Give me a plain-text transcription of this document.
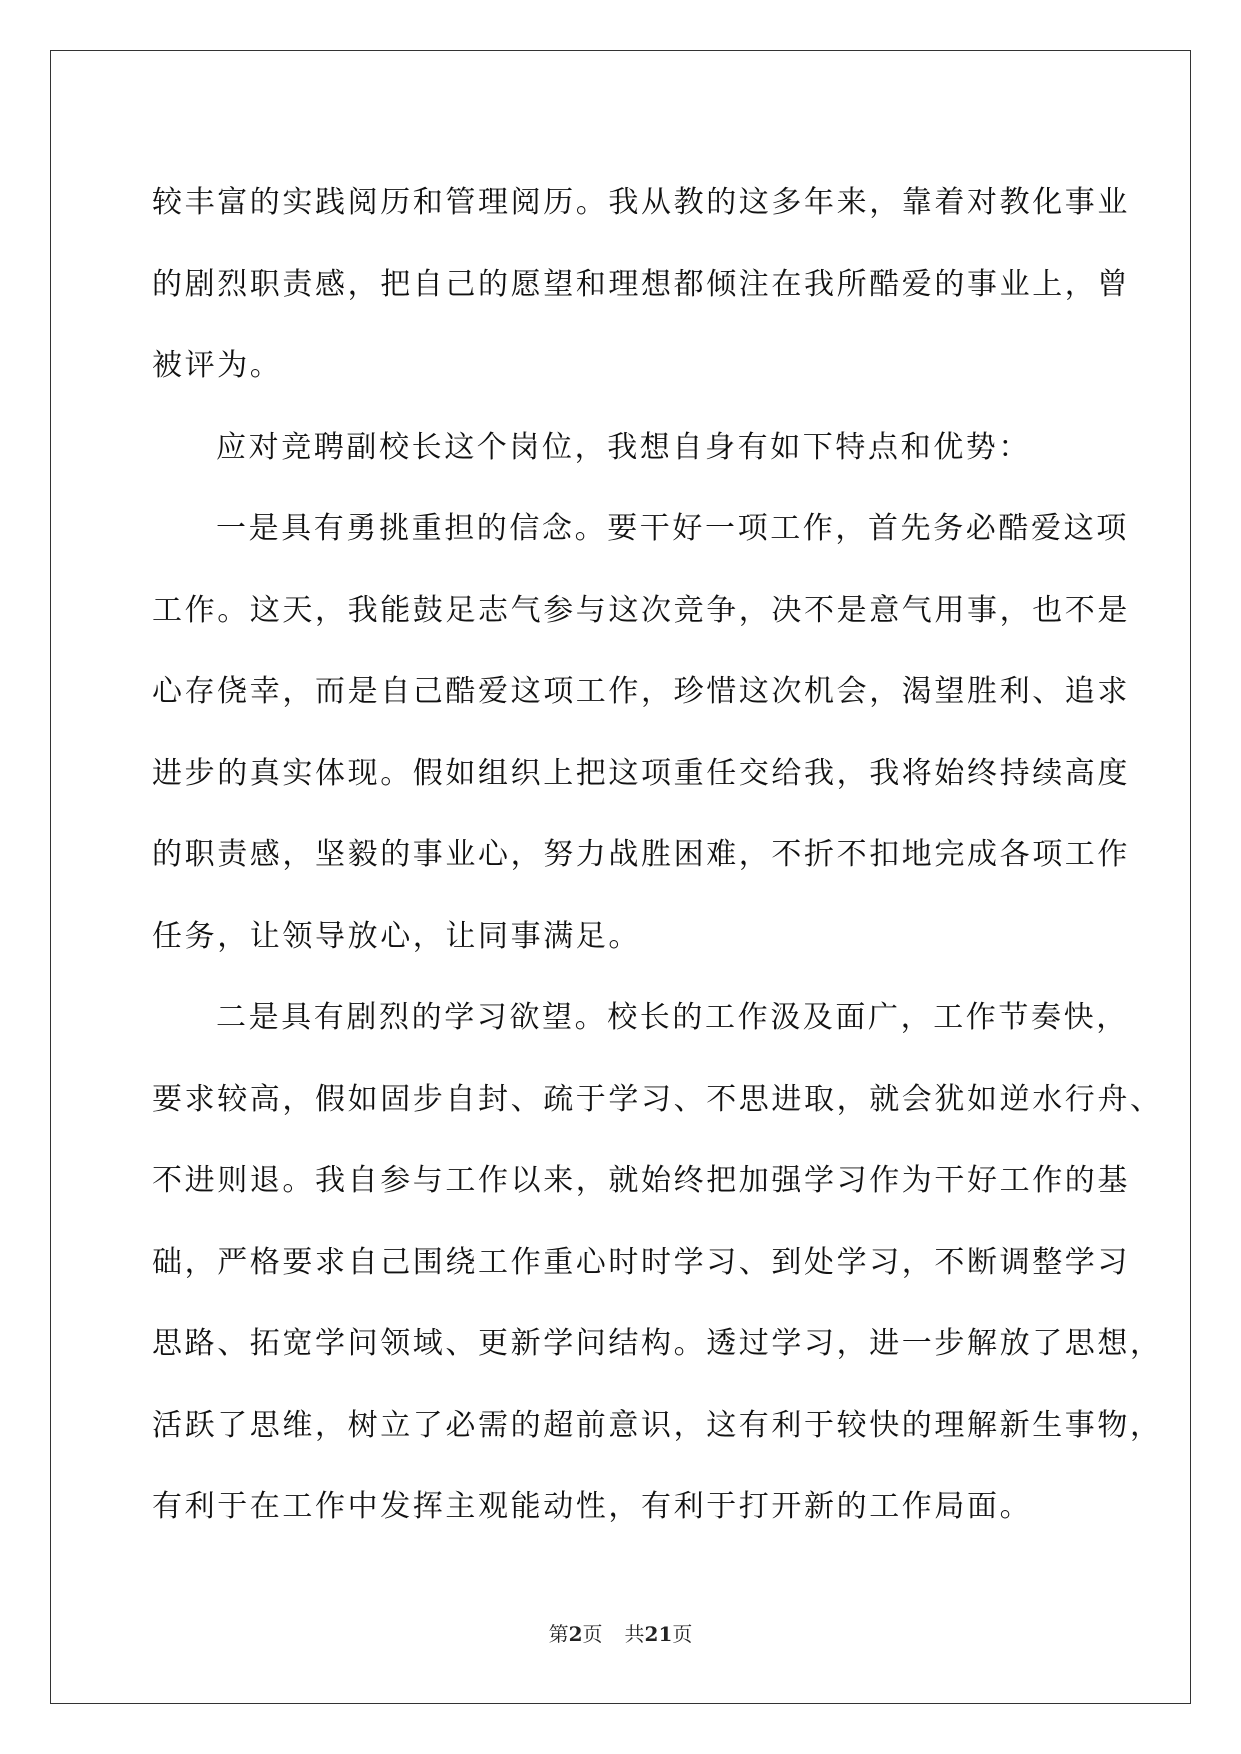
较丰富的实践阅历和管理阅历。我从教的这多年来，靠着对教化事业
的剧烈职责感，把自己的愿望和理想都倾注在我所酷爱的事业上，曾
被评为。

应对竞聘副校长这个岗位，我想自身有如下特点和优势：

一是具有勇挑重担的信念。要干好一项工作，首先务必酷爱这项
工作。这天，我能鼓足志气参与这次竞争，决不是意气用事，也不是
心存侥幸，而是自己酷爱这项工作，珍惜这次机会，渴望胜利、追求
进步的真实体现。假如组织上把这项重任交给我，我将始终持续高度
的职责感，坚毅的事业心，努力战胜困难，不折不扣地完成各项工作
任务，让领导放心，让同事满足。

二是具有剧烈的学习欲望。校长的工作汲及面广，工作节奏快，
要求较高，假如固步自封、疏于学习、不思进取，就会犹如逆水行舟、
不进则退。我自参与工作以来，就始终把加强学习作为干好工作的基
础，严格要求自己围绕工作重心时时学习、到处学习，不断调整学习
思路、拓宽学问领域、更新学问结构。透过学习，进一步解放了思想，
活跃了思维，树立了必需的超前意识，这有利于较快的理解新生事物，
有利于在工作中发挥主观能动性，有利于打开新的工作局面。

第2页 共21页
